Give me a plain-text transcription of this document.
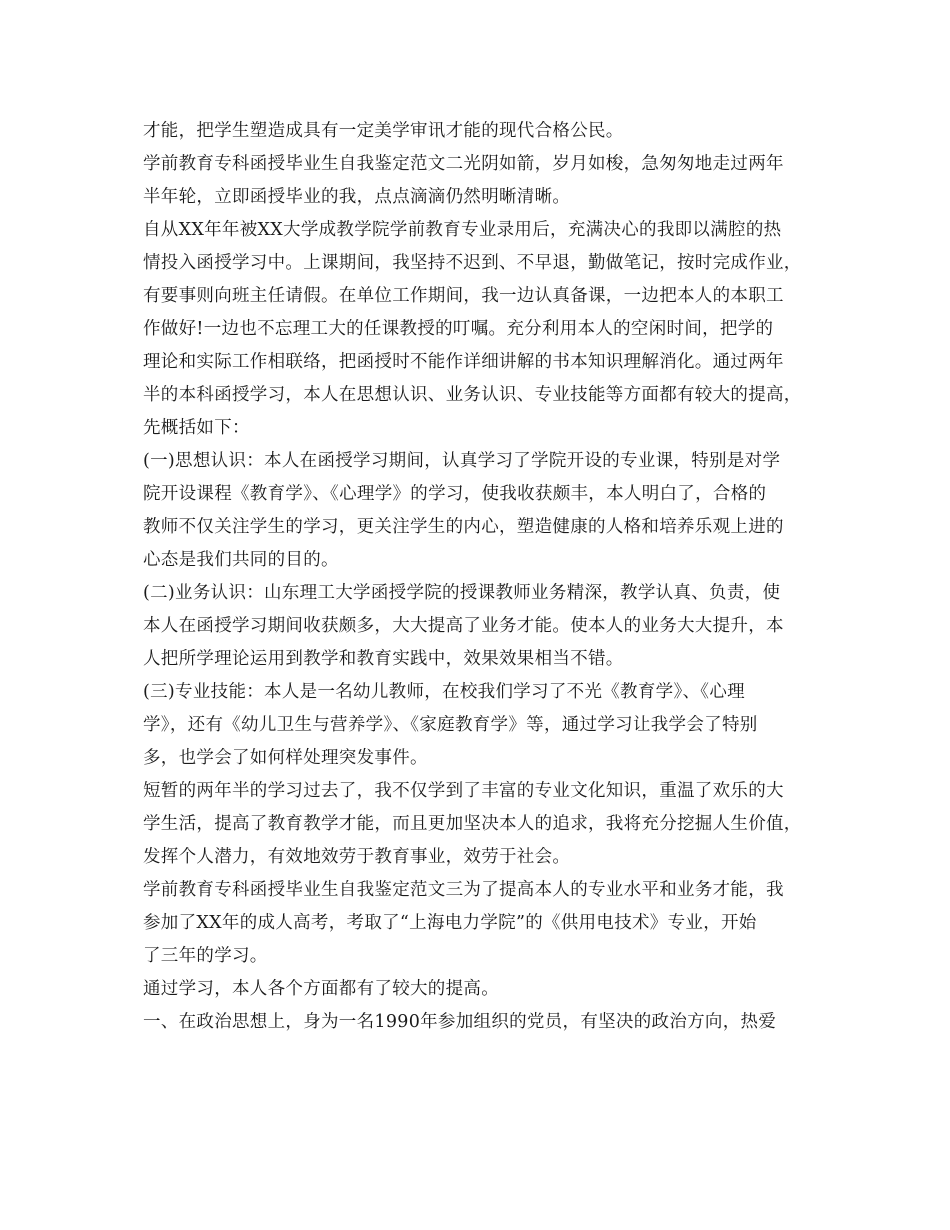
才能，把学生塑造成具有一定美学审讯才能的现代合格公民。
学前教育专科函授毕业生自我鉴定范文二光阴如箭，岁月如梭，急匆匆地走过两年
半年轮，立即函授毕业的我，点点滴滴仍然明晰清晰。
自从XX年年被XX大学成教学院学前教育专业录用后，充满决心的我即以满腔的热
情投入函授学习中。上课期间，我坚持不迟到、不早退，勤做笔记，按时完成作业，
有要事则向班主任请假。在单位工作期间，我一边认真备课，一边把本人的本职工
作做好!一边也不忘理工大的任课教授的叮嘱。充分利用本人的空闲时间，把学的
理论和实际工作相联络，把函授时不能作详细讲解的书本知识理解消化。通过两年
半的本科函授学习，本人在思想认识、业务认识、专业技能等方面都有较大的提高，
先概括如下：
(一)思想认识：本人在函授学习期间，认真学习了学院开设的专业课，特别是对学
院开设课程《教育学》、《心理学》的学习，使我收获颇丰，本人明白了，合格的
教师不仅关注学生的学习，更关注学生的内心，塑造健康的人格和培养乐观上进的
心态是我们共同的目的。
(二)业务认识：山东理工大学函授学院的授课教师业务精深，教学认真、负责，使
本人在函授学习期间收获颇多，大大提高了业务才能。使本人的业务大大提升，本
人把所学理论运用到教学和教育实践中，效果效果相当不错。
(三)专业技能：本人是一名幼儿教师，在校我们学习了不光《教育学》、《心理
学》，还有《幼儿卫生与营养学》、《家庭教育学》等，通过学习让我学会了特别
多，也学会了如何样处理突发事件。
短暂的两年半的学习过去了，我不仅学到了丰富的专业文化知识，重温了欢乐的大
学生活，提高了教育教学才能，而且更加坚决本人的追求，我将充分挖掘人生价值，
发挥个人潜力，有效地效劳于教育事业，效劳于社会。
学前教育专科函授毕业生自我鉴定范文三为了提高本人的专业水平和业务才能，我
参加了XX年的成人高考，考取了“上海电力学院”的《供用电技术》专业，开始
了三年的学习。
通过学习，本人各个方面都有了较大的提高。
一、在政治思想上，身为一名1990年参加组织的党员，有坚决的政治方向，热爱
